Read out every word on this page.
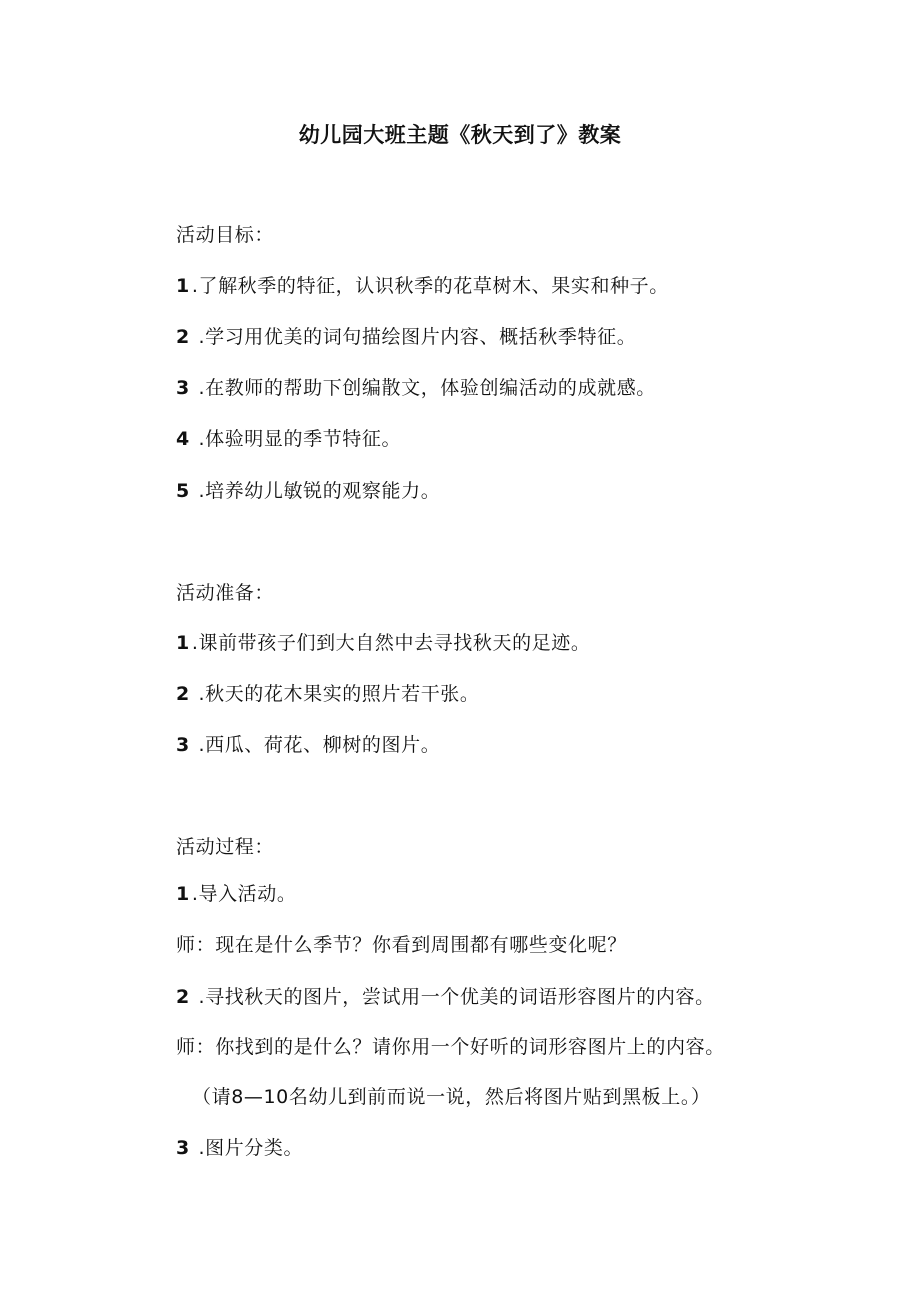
幼儿园大班主题《秋天到了》教案
活动目标：
1 .了解秋季的特征，认识秋季的花草树木、果实和种子。
2 .学习用优美的词句描绘图片内容、概括秋季特征。
3 .在教师的帮助下创编散文，体验创编活动的成就感。
4 .体验明显的季节特征。
5 .培养幼儿敏锐的观察能力。
活动准备：
1 .课前带孩子们到大自然中去寻找秋天的足迹。
2 .秋天的花木果实的照片若干张。
3 .西瓜、荷花、柳树的图片。
活动过程：
1 .导入活动。
师：现在是什么季节？你看到周围都有哪些变化呢？
2 .寻找秋天的图片，尝试用一个优美的词语形容图片的内容。
师：你找到的是什么？请你用一个好听的词形容图片上的内容。
（请8—10名幼儿到前而说一说，然后将图片贴到黑板上。）
3 .图片分类。
